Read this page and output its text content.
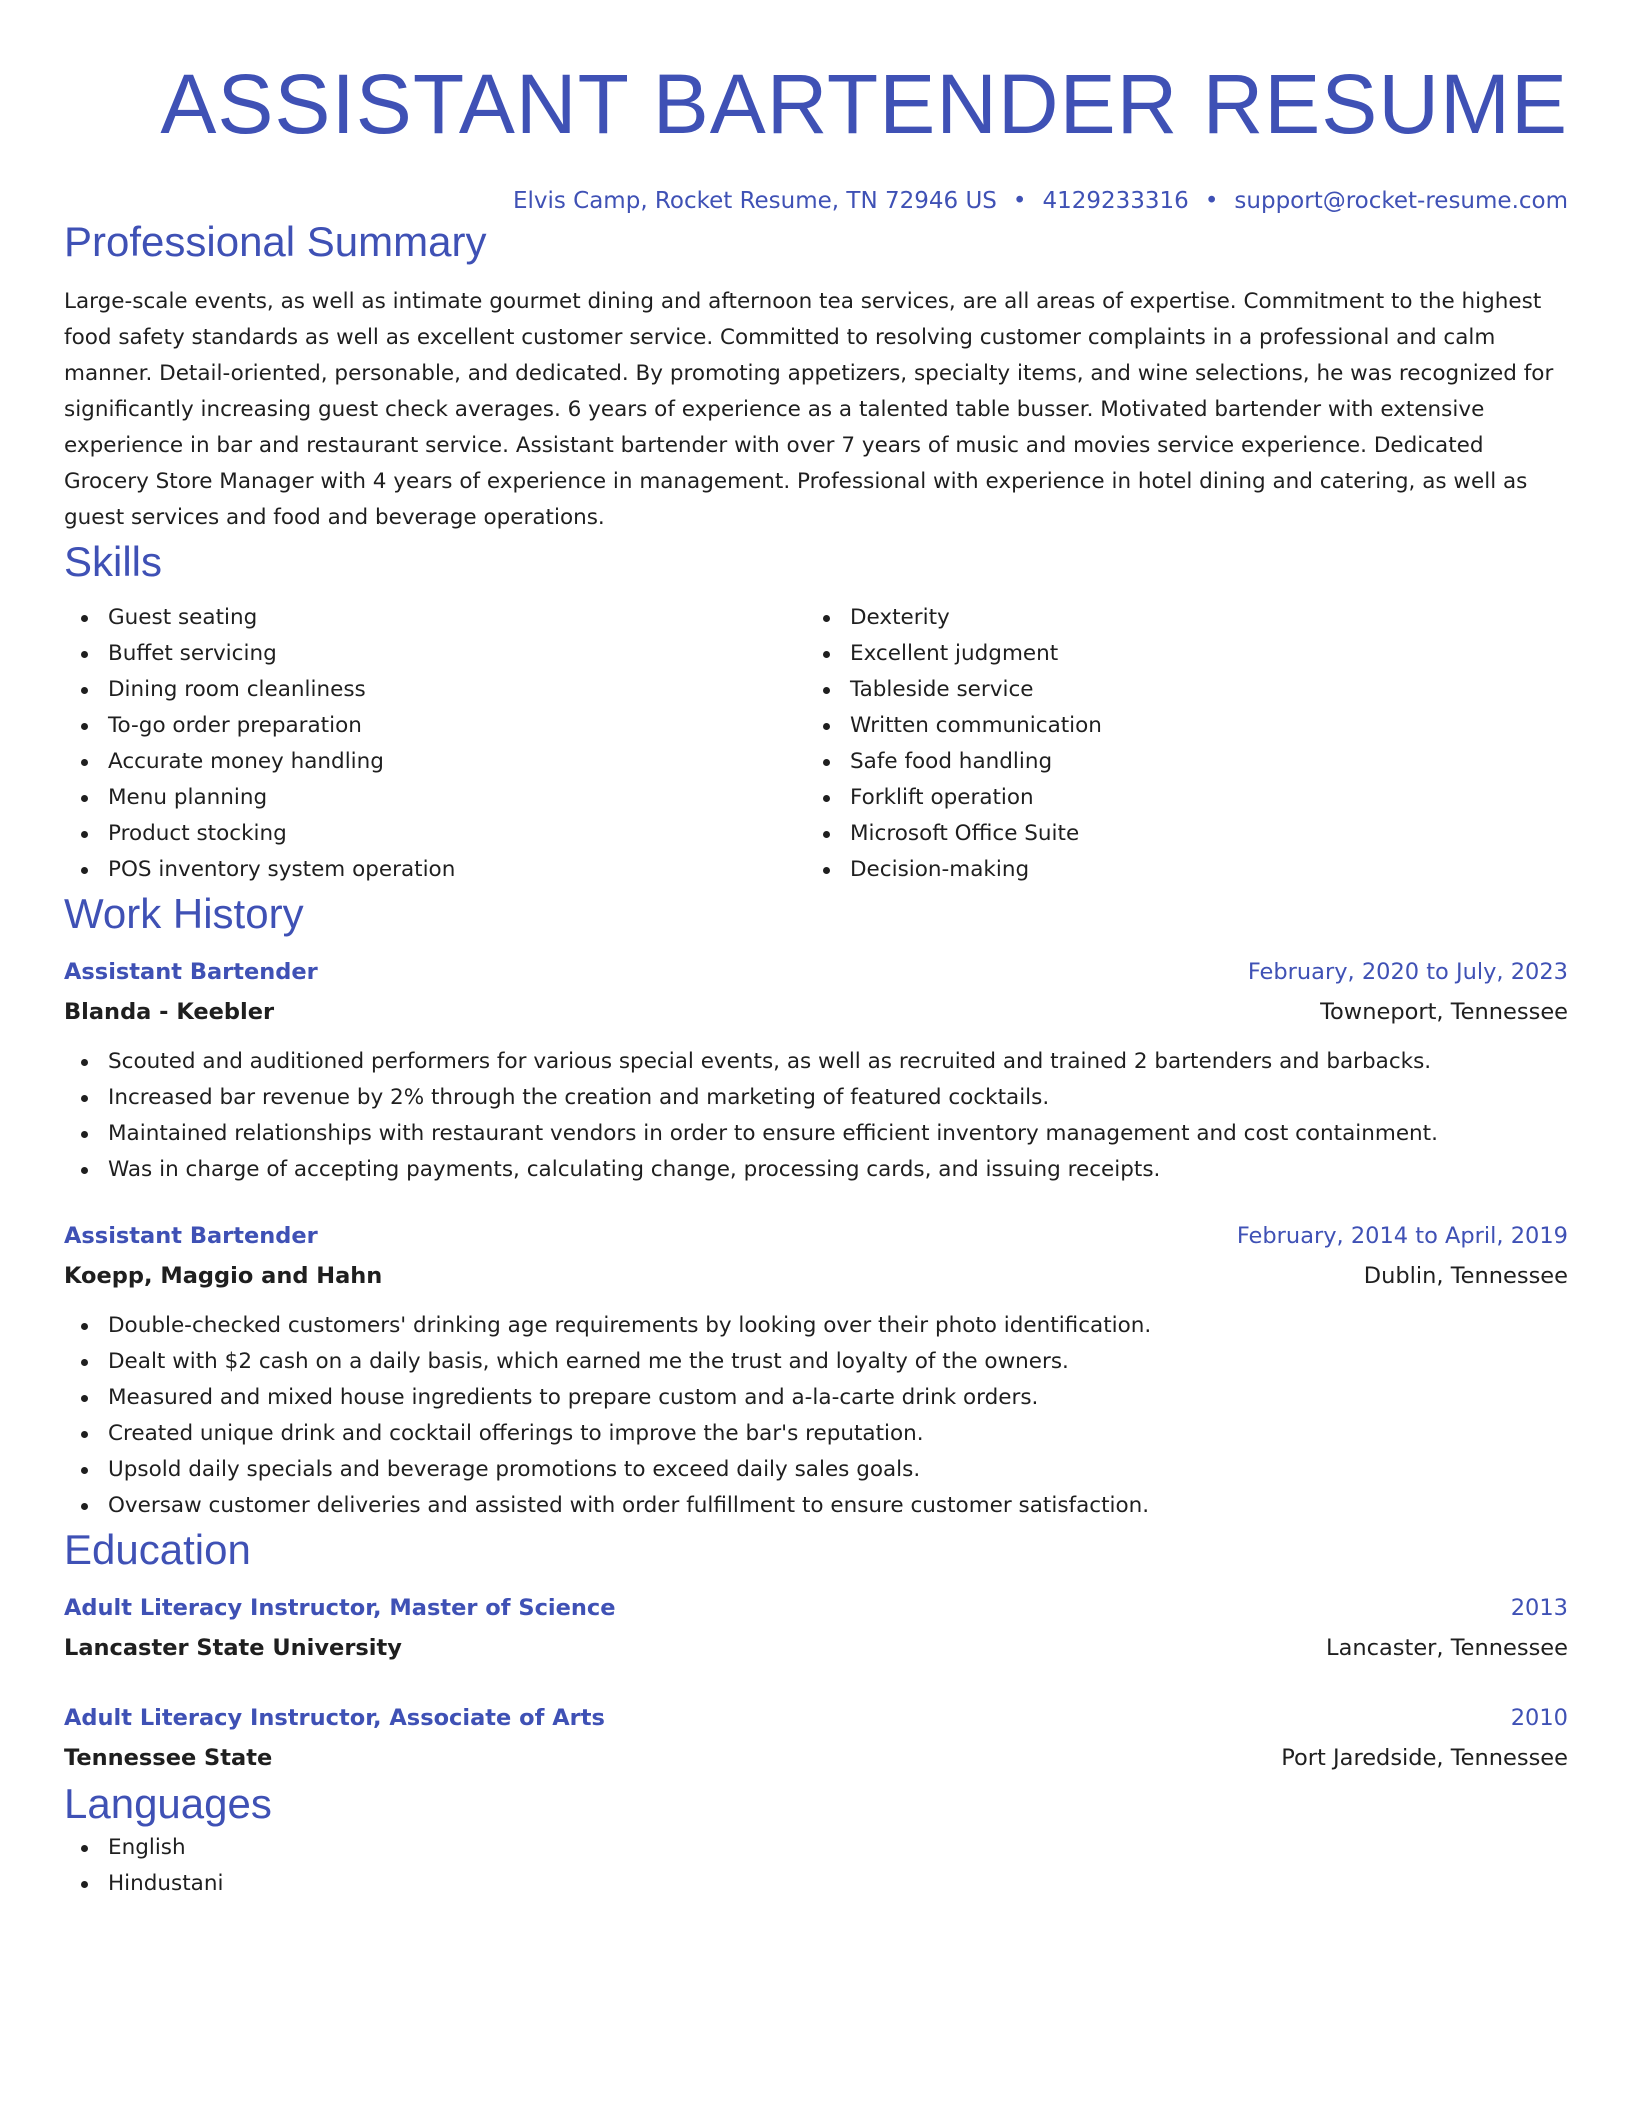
ASSISTANT BARTENDER RESUME
Elvis Camp, Rocket Resume, TN 72946 US • 4129233316 • support@rocket-resume.com
Professional Summary

Large-scale events, as well as intimate gourmet dining and afternoon tea services, are all areas of expertise. Commitment to the highest food safety standards as well as excellent customer service. Committed to resolving customer complaints in a professional and calm manner. Detail-oriented, personable, and dedicated. By promoting appetizers, specialty items, and wine selections, he was recognized for significantly increasing guest check averages. 6 years of experience as a talented table busser. Motivated bartender with extensive experience in bar and restaurant service. Assistant bartender with over 7 years of music and movies service experience. Dedicated Grocery Store Manager with 4 years of experience in management. Professional with experience in hotel dining and catering, as well as guest services and food and beverage operations.

Skills
Guest seating
Buffet servicing
Dining room cleanliness
To-go order preparation
Accurate money handling
Menu planning
Product stocking
POS inventory system operation
Dexterity
Excellent judgment
Tableside service
Written communication
Safe food handling
Forklift operation
Microsoft Office Suite
Decision-making
Work History
Assistant Bartender	February, 2020 to July, 2023
Blanda - Keebler	Towneport, Tennessee
Scouted and auditioned performers for various special events, as well as recruited and trained 2 bartenders and barbacks.
Increased bar revenue by 2% through the creation and marketing of featured cocktails.
Maintained relationships with restaurant vendors in order to ensure efficient inventory management and cost containment.
Was in charge of accepting payments, calculating change, processing cards, and issuing receipts.
Assistant Bartender	February, 2014 to April, 2019
Koepp, Maggio and Hahn	Dublin, Tennessee
Double-checked customers' drinking age requirements by looking over their photo identification.
Dealt with $2 cash on a daily basis, which earned me the trust and loyalty of the owners.
Measured and mixed house ingredients to prepare custom and a-la-carte drink orders.
Created unique drink and cocktail offerings to improve the bar's reputation.
Upsold daily specials and beverage promotions to exceed daily sales goals.
Oversaw customer deliveries and assisted with order fulfillment to ensure customer satisfaction.
Education
Adult Literacy Instructor, Master of Science	2013
Lancaster State University	Lancaster, Tennessee
Adult Literacy Instructor, Associate of Arts	2010
Tennessee State	Port Jaredside, Tennessee
Languages
English
Hindustani
